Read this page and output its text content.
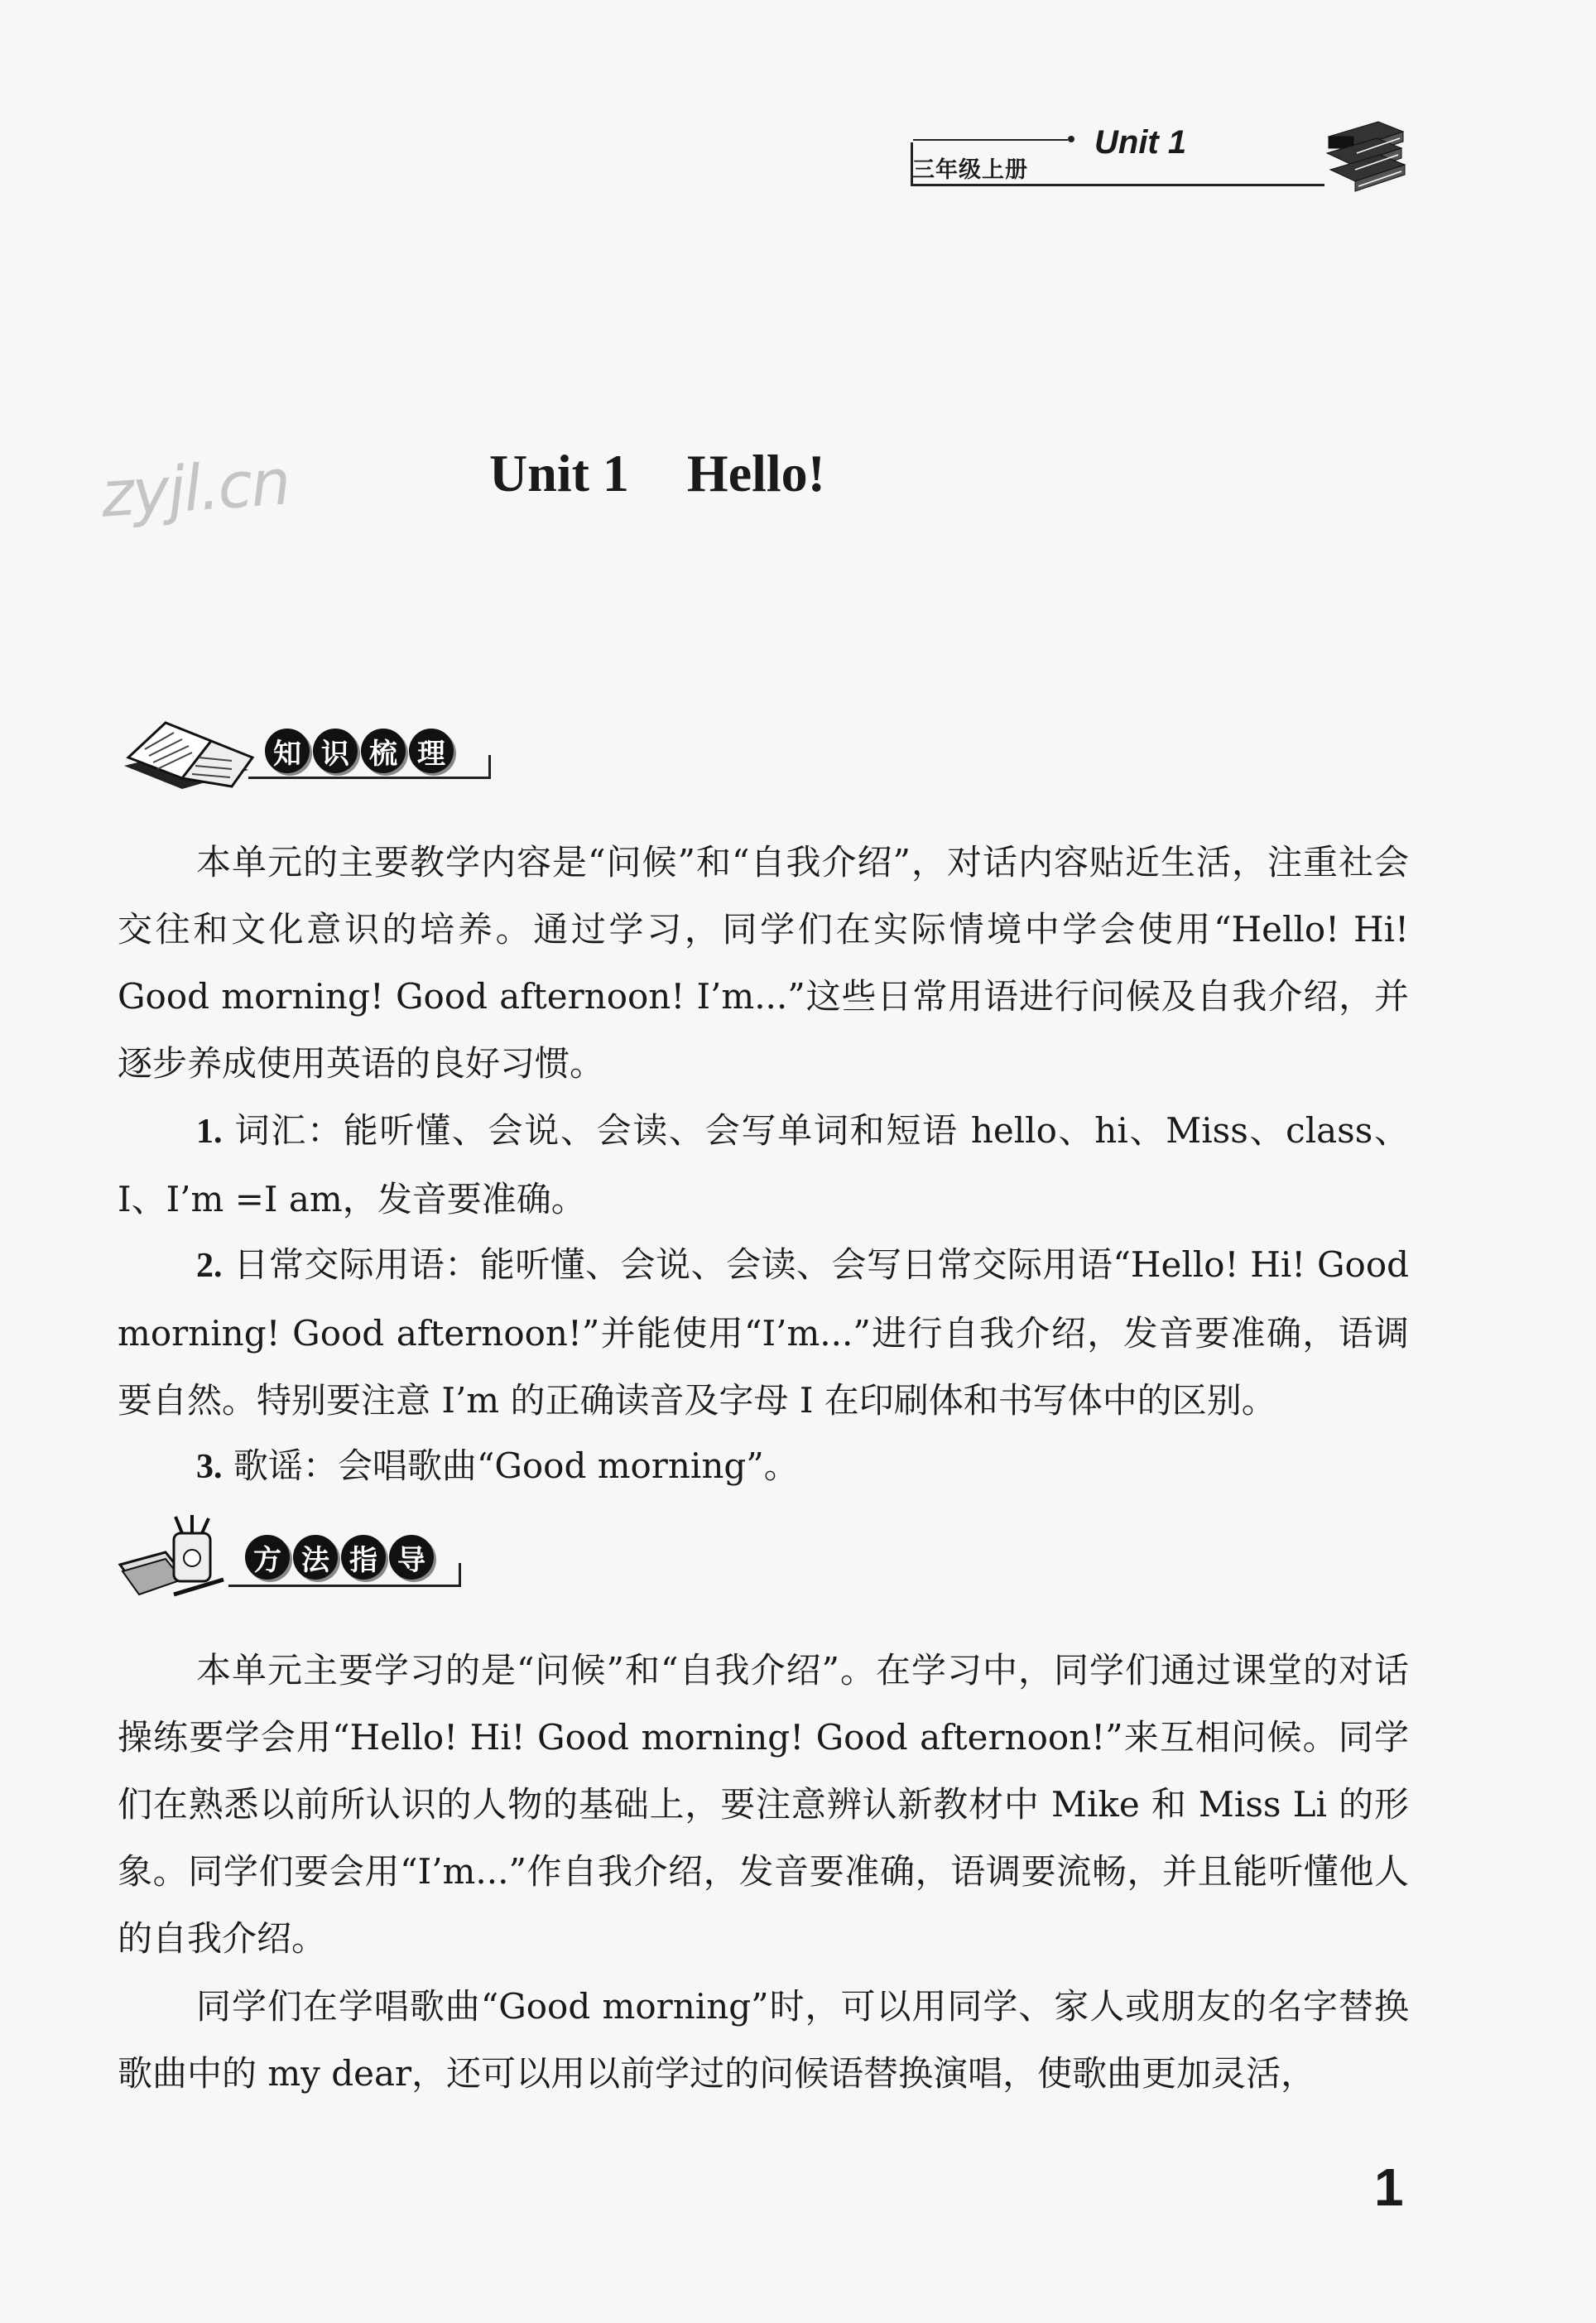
三年级上册
Unit 1
zyjl.cn	Unit 1 Hello!
知 识 梳 理
本单元的主要教学内容是“问候”和“自我介绍”，对话内容贴近生活，注重社会交往和文化意识的培养。通过学习，同学们在实际情境中学会使用“Hello! Hi! Good morning! Good afternoon! I’m...”这些日常用语进行问候及自我介绍，并逐步养成使用英语的良好习惯。
1. 词汇：能听懂、会说、会读、会写单词和短语 hello、hi、Miss、class、I、I’m =I am，发音要准确。
2. 日常交际用语：能听懂、会说、会读、会写日常交际用语“Hello! Hi! Good morning! Good afternoon!”并能使用“I’m...”进行自我介绍，发音要准确，语调要自然。特别要注意 I’m 的正确读音及字母 I 在印刷体和书写体中的区别。
3. 歌谣：会唱歌曲“Good morning”。
方 法 指 导
本单元主要学习的是“问候”和“自我介绍”。在学习中，同学们通过课堂的对话操练要学会用“Hello! Hi! Good morning! Good afternoon!”来互相问候。同学们在熟悉以前所认识的人物的基础上，要注意辨认新教材中 Mike 和 Miss Li 的形象。同学们要会用“I’m...”作自我介绍，发音要准确，语调要流畅，并且能听懂他人的自我介绍。
同学们在学唱歌曲“Good morning”时，可以用同学、家人或朋友的名字替换歌曲中的 my dear，还可以用以前学过的问候语替换演唱，使歌曲更加灵活，
1
